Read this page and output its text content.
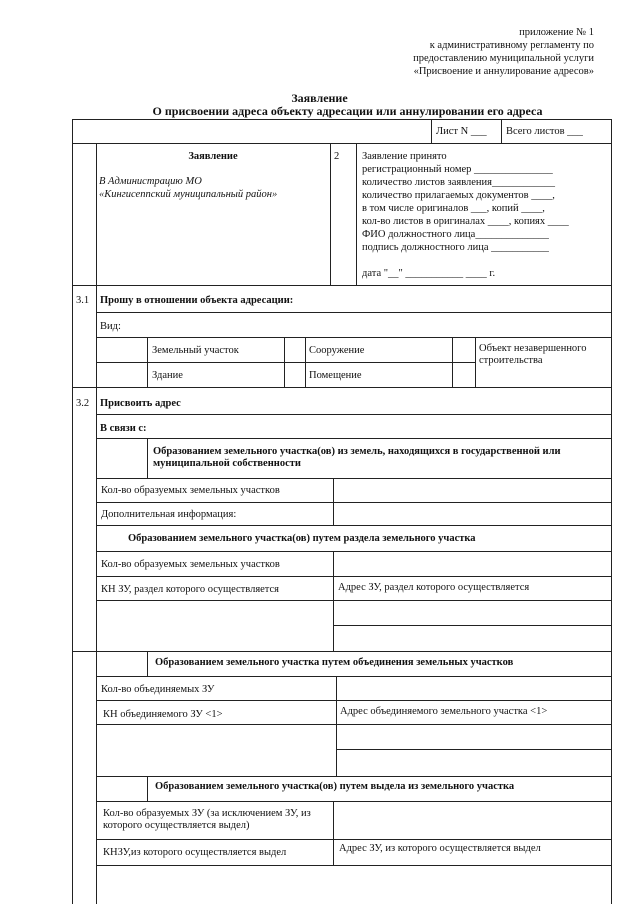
приложение № 1
к административному регламенту по
предоставлению муниципальной услуги
«Присвоение и аннулирование адресов»
Заявление
О присвоении адреса объекту адресации или аннулировании его адреса
Лист N ___ Всего листов ___
Заявление
В Администрацию МО
«Кингисеппский муниципальный район»
2 Заявление принято
регистрационный номер _______________
количество листов заявления____________
количество прилагаемых документов ____,
в том числе оригиналов ___, копий ____,
кол-во листов в оригиналах ____, копиях ____
ФИО должностного лица______________
подпись должностного лица ___________
дата "__" ___________ ____ г.
3.1 Прошу в отношении объекта адресации:
Вид:
Земельный участок	Сооружение	Объект незавершенного строительства
Здание	Помещение
3.2 Присвоить адрес
В связи с:
Образованием земельного участка(ов) из земель, находящихся в государственной или муниципальной собственности
Кол-во образуемых земельных участков
Дополнительная информация:
Образованием земельного участка(ов) путем раздела земельного участка
Кол-во образуемых земельных участков
КН ЗУ, раздел которого осуществляется	Адрес ЗУ, раздел которого осуществляется
Образованием земельного участка путем объединения земельных участков
Кол-во объединяемых ЗУ
КН объединяемого ЗУ <1>	Адрес объединяемого земельного участка <1>
Образованием земельного участка(ов) путем выдела из земельного участка
Кол-во образуемых ЗУ (за исключением ЗУ, из которого осуществляется выдел)
КНЗУ,из которого осуществляется выдел	Адрес ЗУ, из которого осуществляется выдел
